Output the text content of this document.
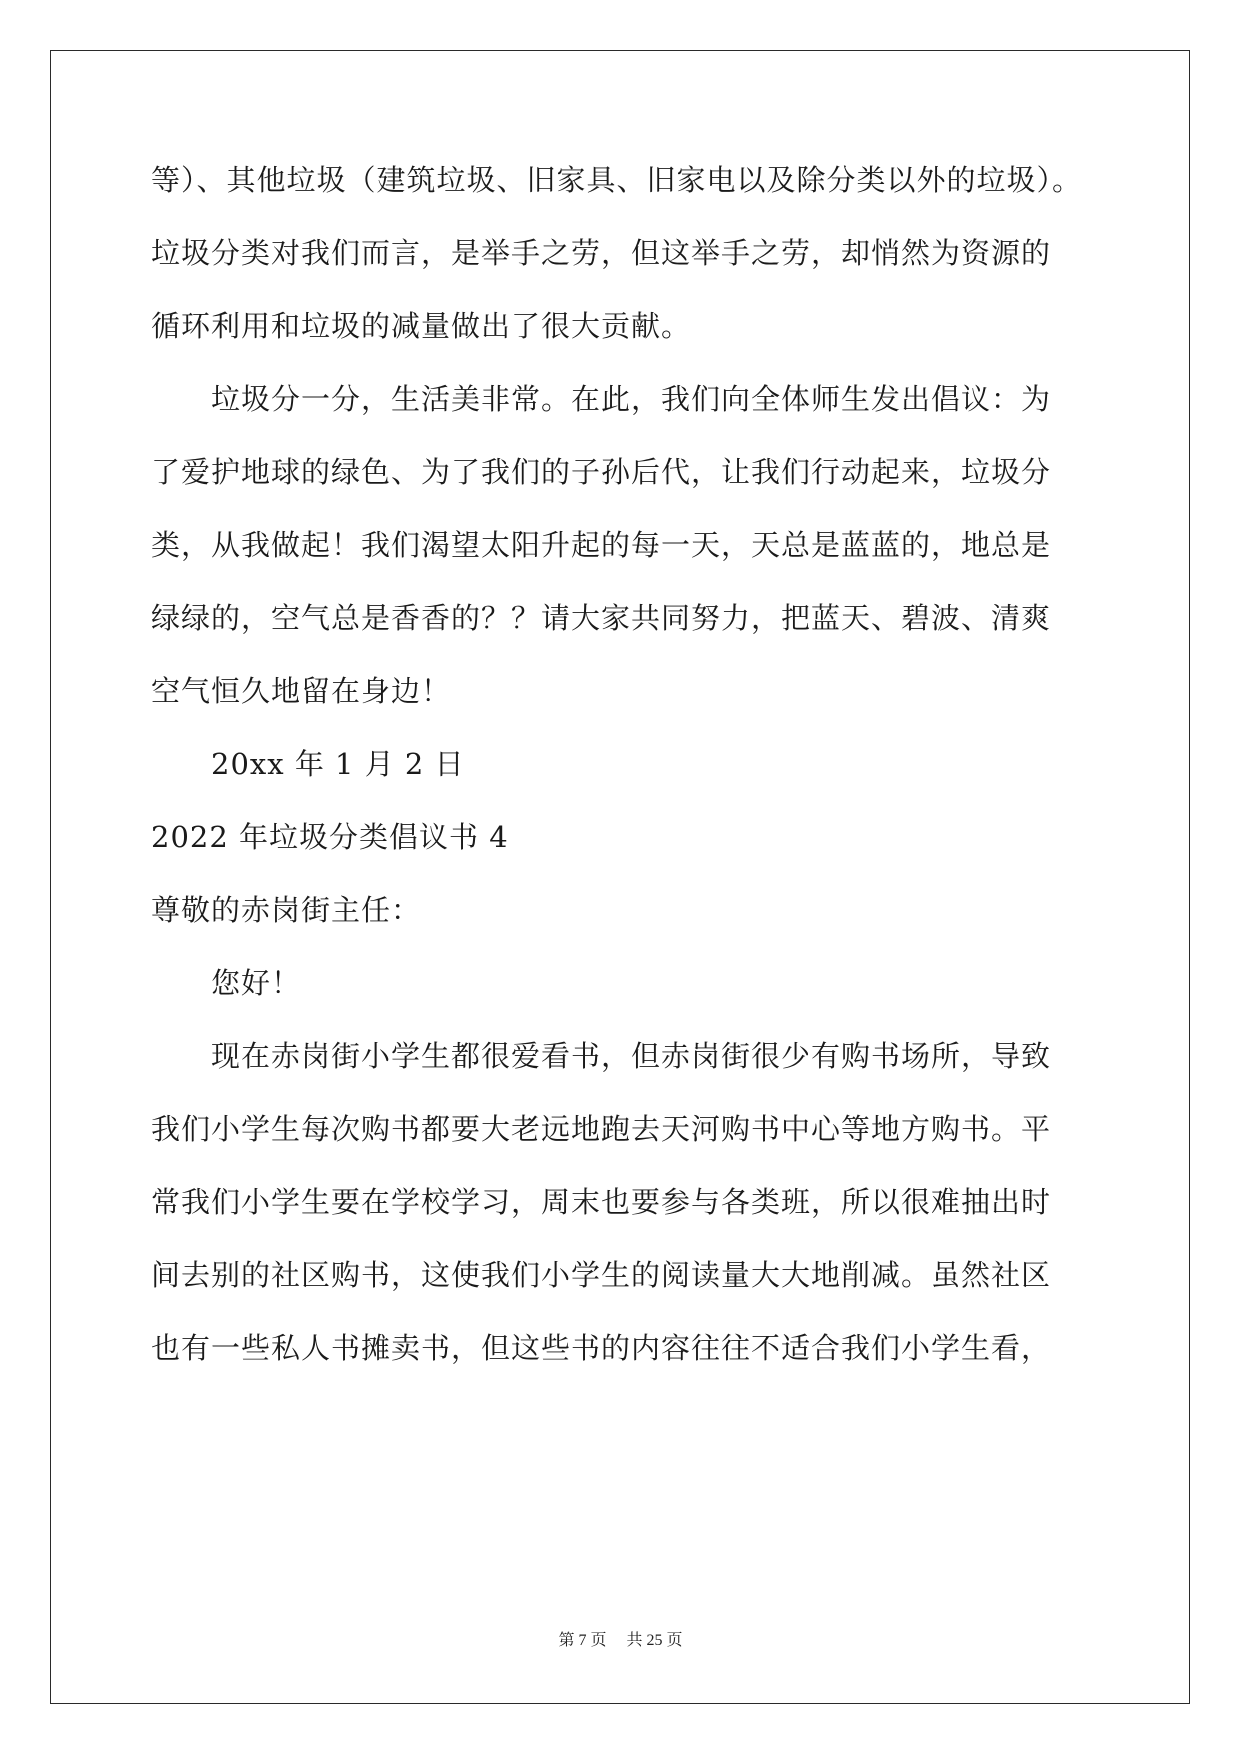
等）、其他垃圾（建筑垃圾、旧家具、旧家电以及除分类以外的垃圾）。
垃圾分类对我们而言，是举手之劳，但这举手之劳，却悄然为资源的
循环利用和垃圾的减量做出了很大贡献。
垃圾分一分，生活美非常。在此，我们向全体师生发出倡议：为
了爱护地球的绿色、为了我们的子孙后代，让我们行动起来，垃圾分
类，从我做起！我们渴望太阳升起的每一天，天总是蓝蓝的，地总是
绿绿的，空气总是香香的？？请大家共同努力，把蓝天、碧波、清爽
空气恒久地留在身边！
20xx 年 1 月 2 日
2022 年垃圾分类倡议书 4
尊敬的赤岗街主任：
您好！
现在赤岗街小学生都很爱看书，但赤岗街很少有购书场所，导致
我们小学生每次购书都要大老远地跑去天河购书中心等地方购书。平
常我们小学生要在学校学习，周末也要参与各类班，所以很难抽出时
间去别的社区购书，这使我们小学生的阅读量大大地削减。虽然社区
也有一些私人书摊卖书，但这些书的内容往往不适合我们小学生看，
第 7 页 共 25 页
